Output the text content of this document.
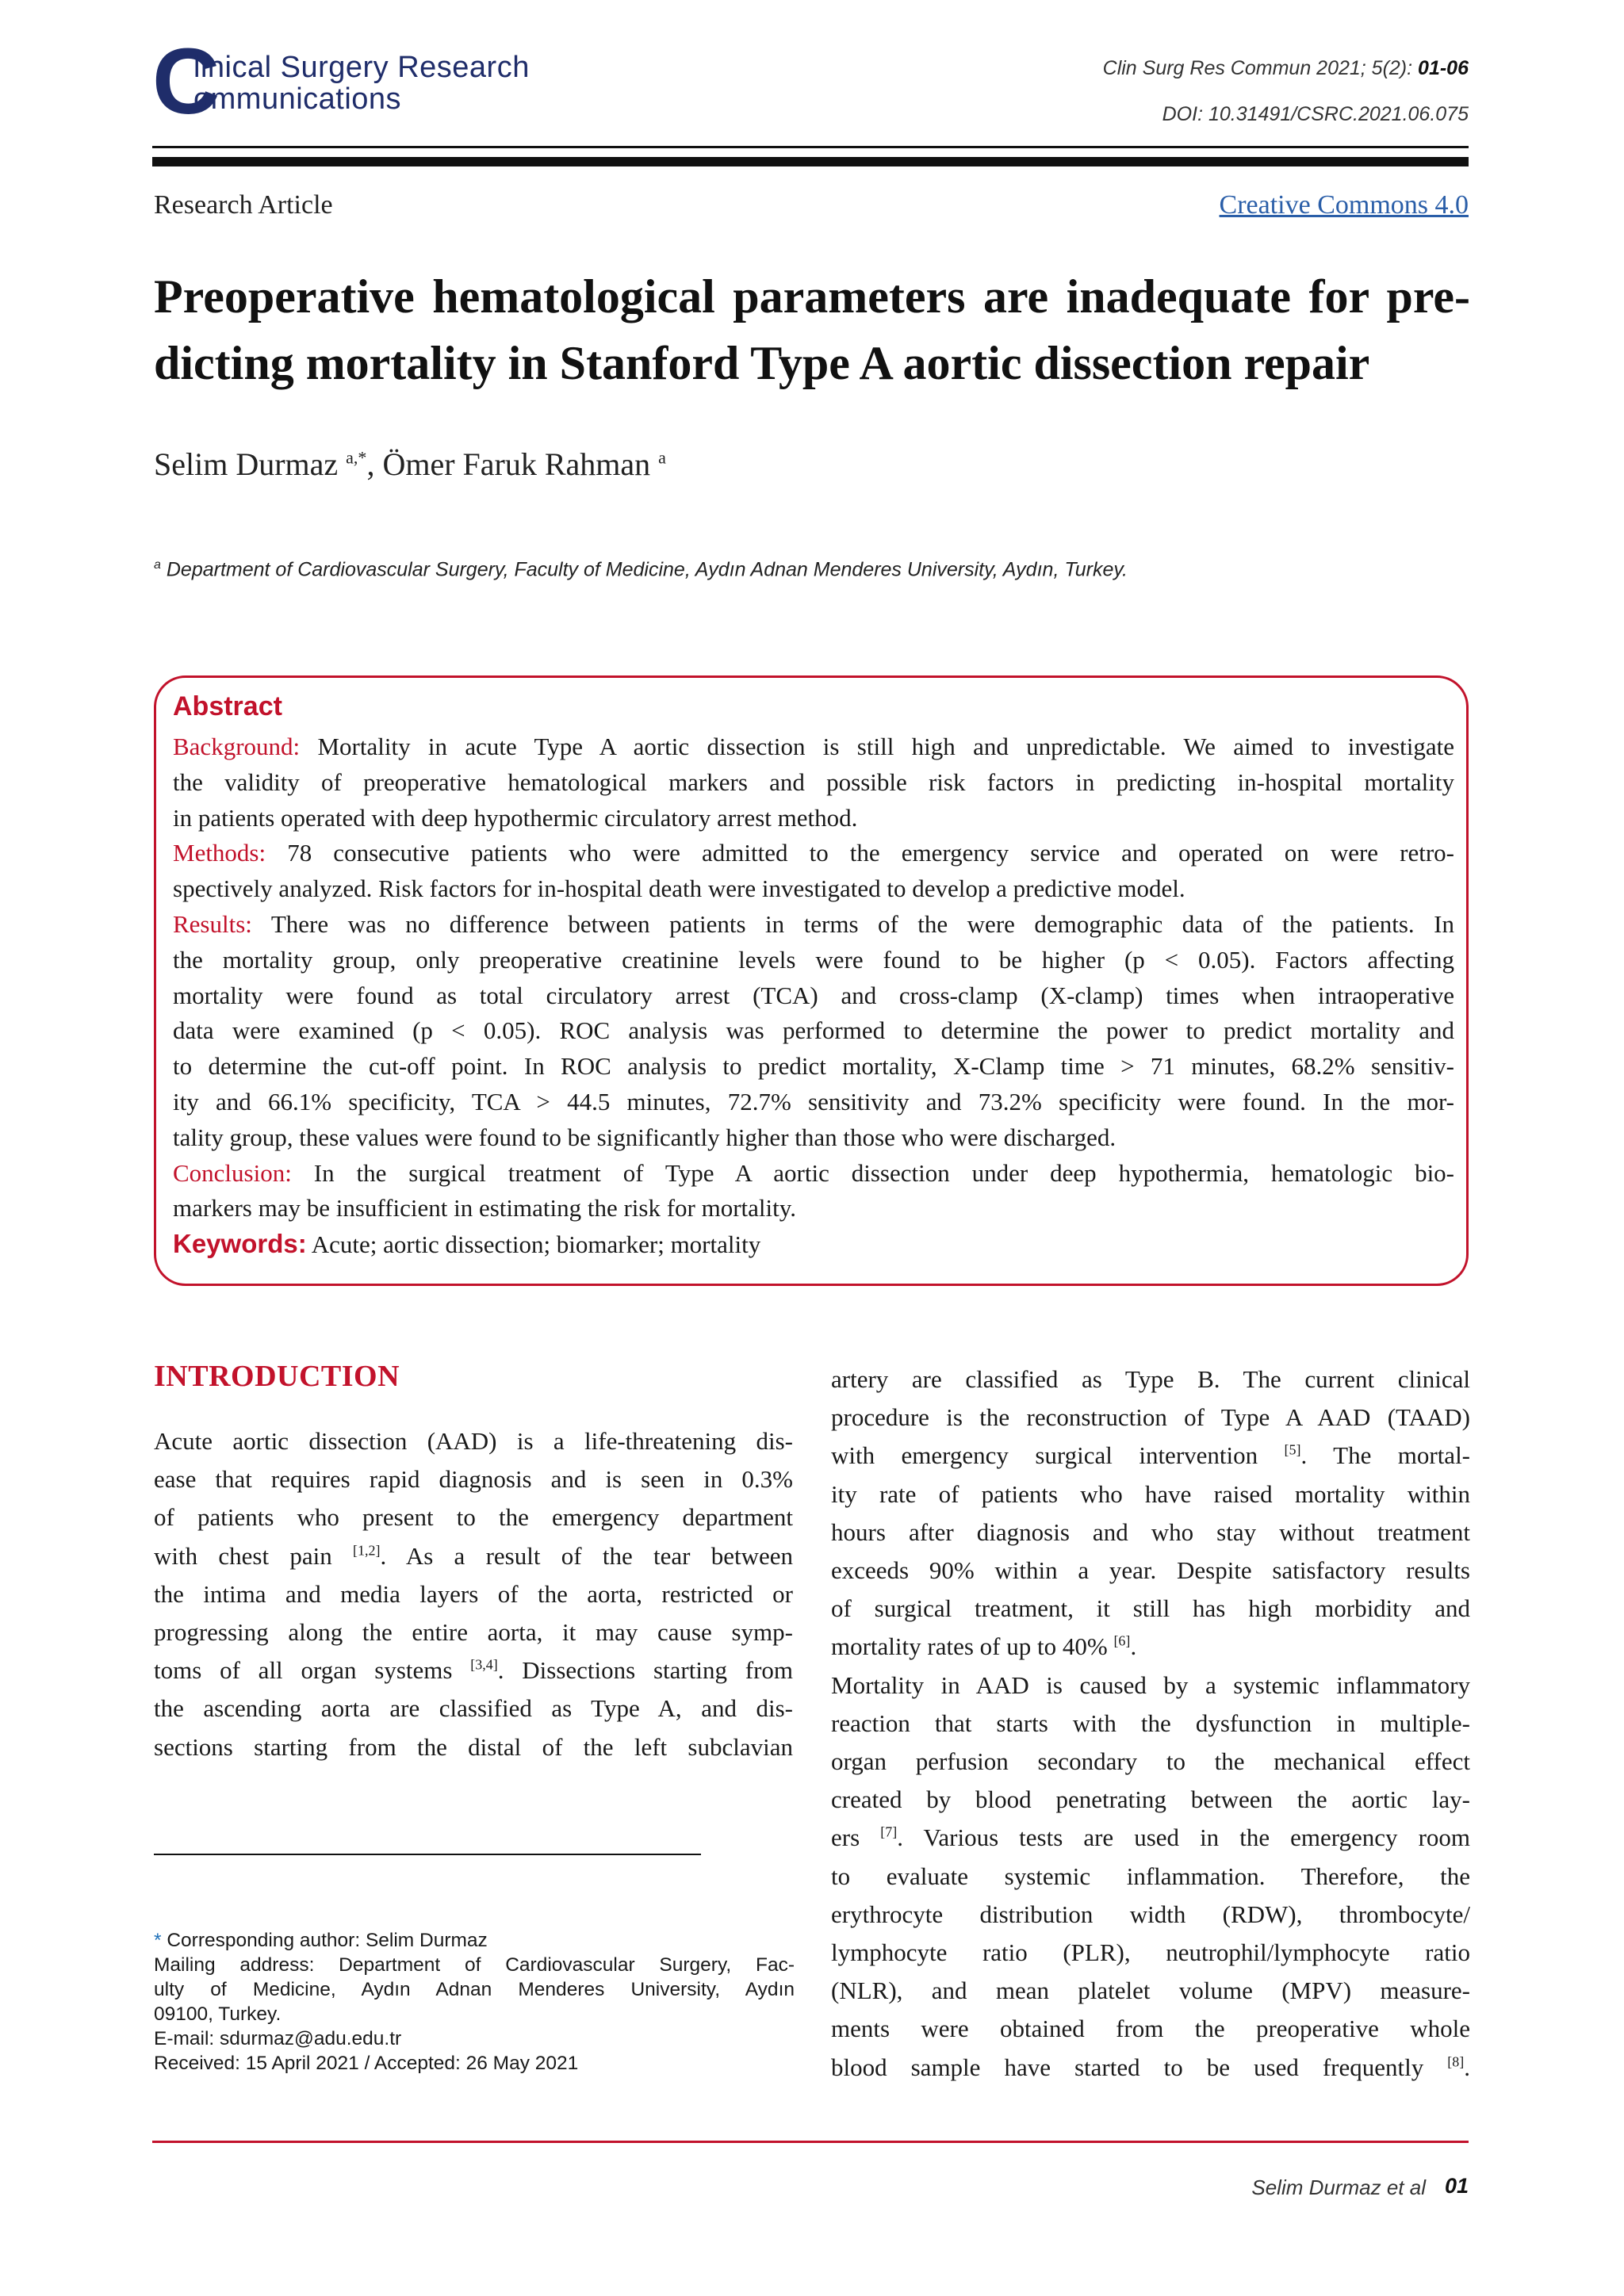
C
linical Surgery Research
ommunications
Clin Surg Res Commun 2021; 5(2): 01-06
DOI: 10.31491/CSRC.2021.06.075
Research Article	Creative Commons 4.0
Preoperative hematological parameters are inadequate for pre-
dicting mortality in Stanford Type A aortic dissection repair
Selim Durmaz $^{a,*}$, Ömer Faruk Rahman $^a$
$^a$ Department of Cardiovascular Surgery, Faculty of Medicine, Aydın Adnan Menderes University, Aydın, Turkey.
Abstract
Background: Mortality in acute Type A aortic dissection is still high and unpredictable. We aimed to investigate
the validity of preoperative hematological markers and possible risk factors in predicting in-hospital mortality
in patients operated with deep hypothermic circulatory arrest method.
Methods: 78 consecutive patients who were admitted to the emergency service and operated on were retro-
spectively analyzed. Risk factors for in-hospital death were investigated to develop a predictive model.
Results: There was no difference between patients in terms of the were demographic data of the patients. In
the mortality group, only preoperative creatinine levels were found to be higher (p < 0.05). Factors affecting
mortality were found as total circulatory arrest (TCA) and cross-clamp (X-clamp) times when intraoperative
data were examined (p < 0.05). ROC analysis was performed to determine the power to predict mortality and
to determine the cut-off point. In ROC analysis to predict mortality, X-Clamp time > 71 minutes, 68.2% sensitiv-
ity and 66.1% specificity, TCA > 44.5 minutes, 72.7% sensitivity and 73.2% specificity were found. In the mor-
tality group, these values were found to be significantly higher than those who were discharged.
Conclusion: In the surgical treatment of Type A aortic dissection under deep hypothermia, hematologic bio-
markers may be insufficient in estimating the risk for mortality.
Keywords: Acute; aortic dissection; biomarker; mortality
INTRODUCTION
Acute aortic dissection (AAD) is a life-threatening dis-
ease that requires rapid diagnosis and is seen in 0.3%
of patients who present to the emergency department
with chest pain [1,2]. As a result of the tear between
the intima and media layers of the aorta, restricted or
progressing along the entire aorta, it may cause symp-
toms of all organ systems [3,4]. Dissections starting from
the ascending aorta are classified as Type A, and dis-
sections starting from the distal of the left subclavian
artery are classified as Type B. The current clinical
procedure is the reconstruction of Type A AAD (TAAD)
with emergency surgical intervention [5]. The mortal-
ity rate of patients who have raised mortality within
hours after diagnosis and who stay without treatment
exceeds 90% within a year. Despite satisfactory results
of surgical treatment, it still has high morbidity and
mortality rates of up to 40% [6].
Mortality in AAD is caused by a systemic inflammatory
reaction that starts with the dysfunction in multiple-
organ perfusion secondary to the mechanical effect
created by blood penetrating between the aortic lay-
ers [7]. Various tests are used in the emergency room
to evaluate systemic inflammation. Therefore, the
erythrocyte distribution width (RDW), thrombocyte/
lymphocyte ratio (PLR), neutrophil/lymphocyte ratio
(NLR), and mean platelet volume (MPV) measure-
ments were obtained from the preoperative whole
blood sample have started to be used frequently [8].
* Corresponding author: Selim Durmaz
Mailing address: Department of Cardiovascular Surgery, Fac-
ulty of Medicine, Aydın Adnan Menderes University, Aydın
09100, Turkey.
E-mail: sdurmaz@adu.edu.tr
Received: 15 April 2021 / Accepted: 26 May 2021
Selim Durmaz et al 01
